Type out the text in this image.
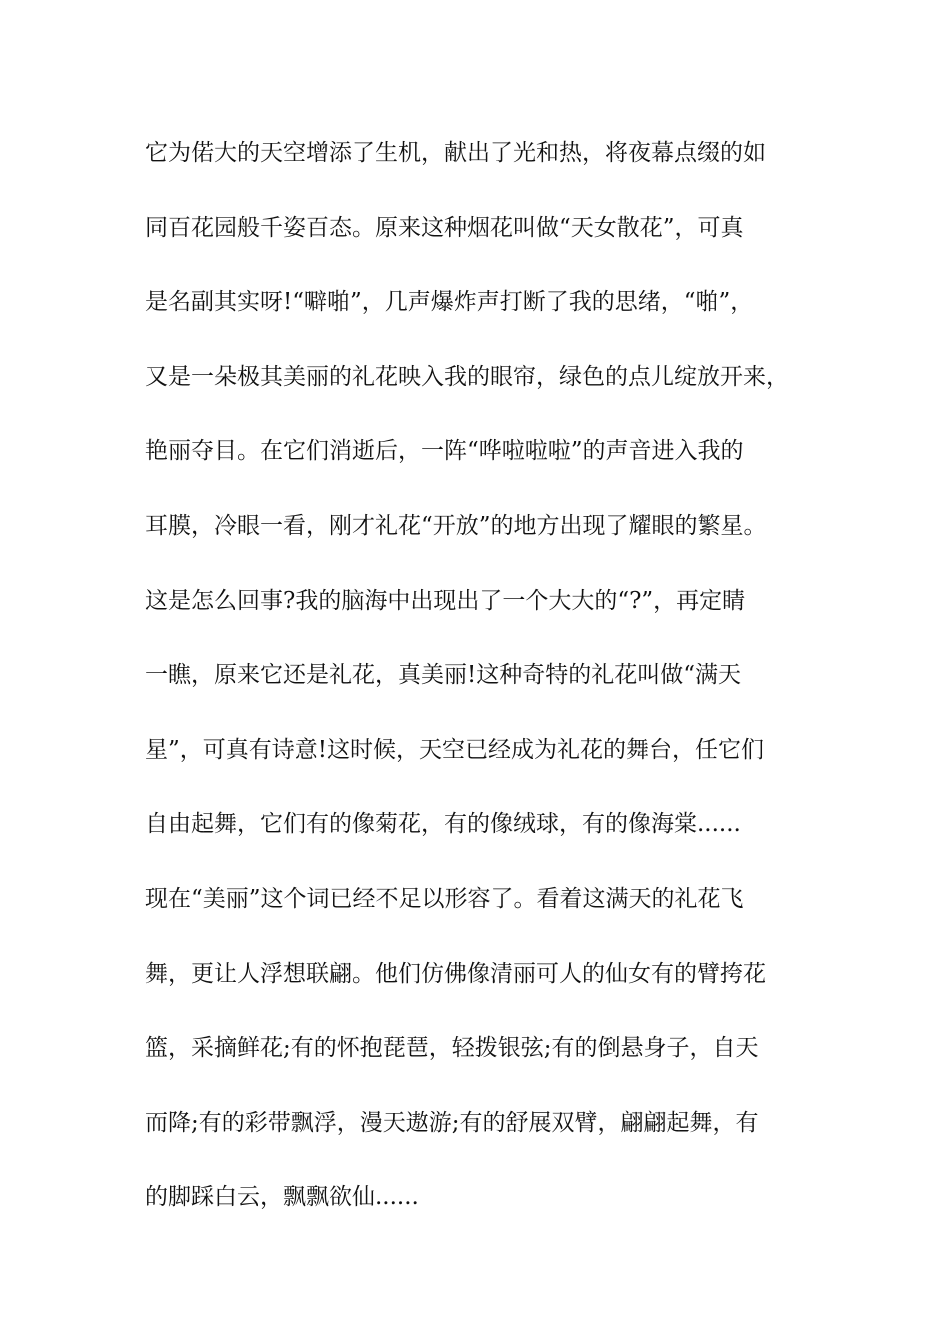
它为偌大的天空增添了生机，献出了光和热，将夜幕点缀的如
同百花园般千姿百态。原来这种烟花叫做“天女散花”，可真
是名副其实呀!“噼啪”，几声爆炸声打断了我的思绪，“啪”，
又是一朵极其美丽的礼花映入我的眼帘，绿色的点儿绽放开来，
艳丽夺目。在它们消逝后，一阵“哗啦啦啦”的声音进入我的
耳膜，冷眼一看，刚才礼花“开放”的地方出现了耀眼的繁星。
这是怎么回事?我的脑海中出现出了一个大大的“?”，再定睛
一瞧，原来它还是礼花，真美丽!这种奇特的礼花叫做“满天
星”，可真有诗意!这时候，天空已经成为礼花的舞台，任它们
自由起舞，它们有的像菊花，有的像绒球，有的像海棠......
现在“美丽”这个词已经不足以形容了。看着这满天的礼花飞
舞，更让人浮想联翩。他们仿佛像清丽可人的仙女有的臂挎花
篮，采摘鲜花;有的怀抱琵琶，轻拨银弦;有的倒悬身子，自天
而降;有的彩带飘浮，漫天遨游;有的舒展双臂，翩翩起舞，有
的脚踩白云，飘飘欲仙......
